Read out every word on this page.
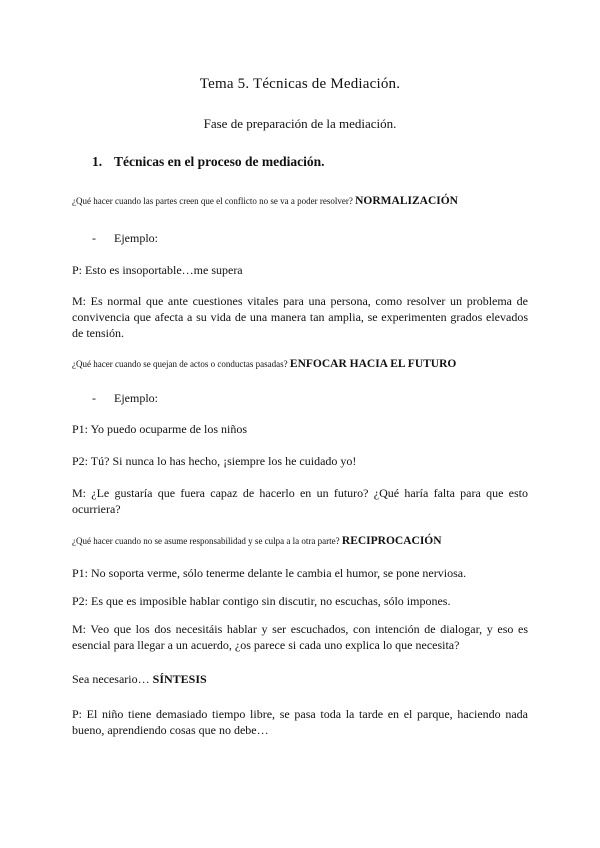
Tema 5. Técnicas de Mediación.
Fase de preparación de la mediación.
1. Técnicas en el proceso de mediación.
¿Qué hacer cuando las partes creen que el conflicto no se va a poder resolver? NORMALIZACIÓN
- Ejemplo:
P: Esto es insoportable…me supera
M: Es normal que ante cuestiones vitales para una persona, como resolver un problema de convivencia que afecta a su vida de una manera tan amplia, se experimenten grados elevados de tensión.
¿Qué hacer cuando se quejan de actos o conductas pasadas? ENFOCAR HACIA EL FUTURO
- Ejemplo:
P1: Yo puedo ocuparme de los niños
P2: Tú? Si nunca lo has hecho, ¡siempre los he cuidado yo!
M: ¿Le gustaría que fuera capaz de hacerlo en un futuro? ¿Qué haría falta para que esto ocurriera?
¿Qué hacer cuando no se asume responsabilidad y se culpa a la otra parte? RECIPROCACIÓN
P1: No soporta verme, sólo tenerme delante le cambia el humor, se pone nerviosa.
P2: Es que es imposible hablar contigo sin discutir, no escuchas, sólo impones.
M: Veo que los dos necesitáis hablar y ser escuchados, con intención de dialogar, y eso es esencial para llegar a un acuerdo, ¿os parece si cada uno explica lo que necesita?
Sea necesario… SÍNTESIS
P: El niño tiene demasiado tiempo libre, se pasa toda la tarde en el parque, haciendo nada bueno, aprendiendo cosas que no debe…
